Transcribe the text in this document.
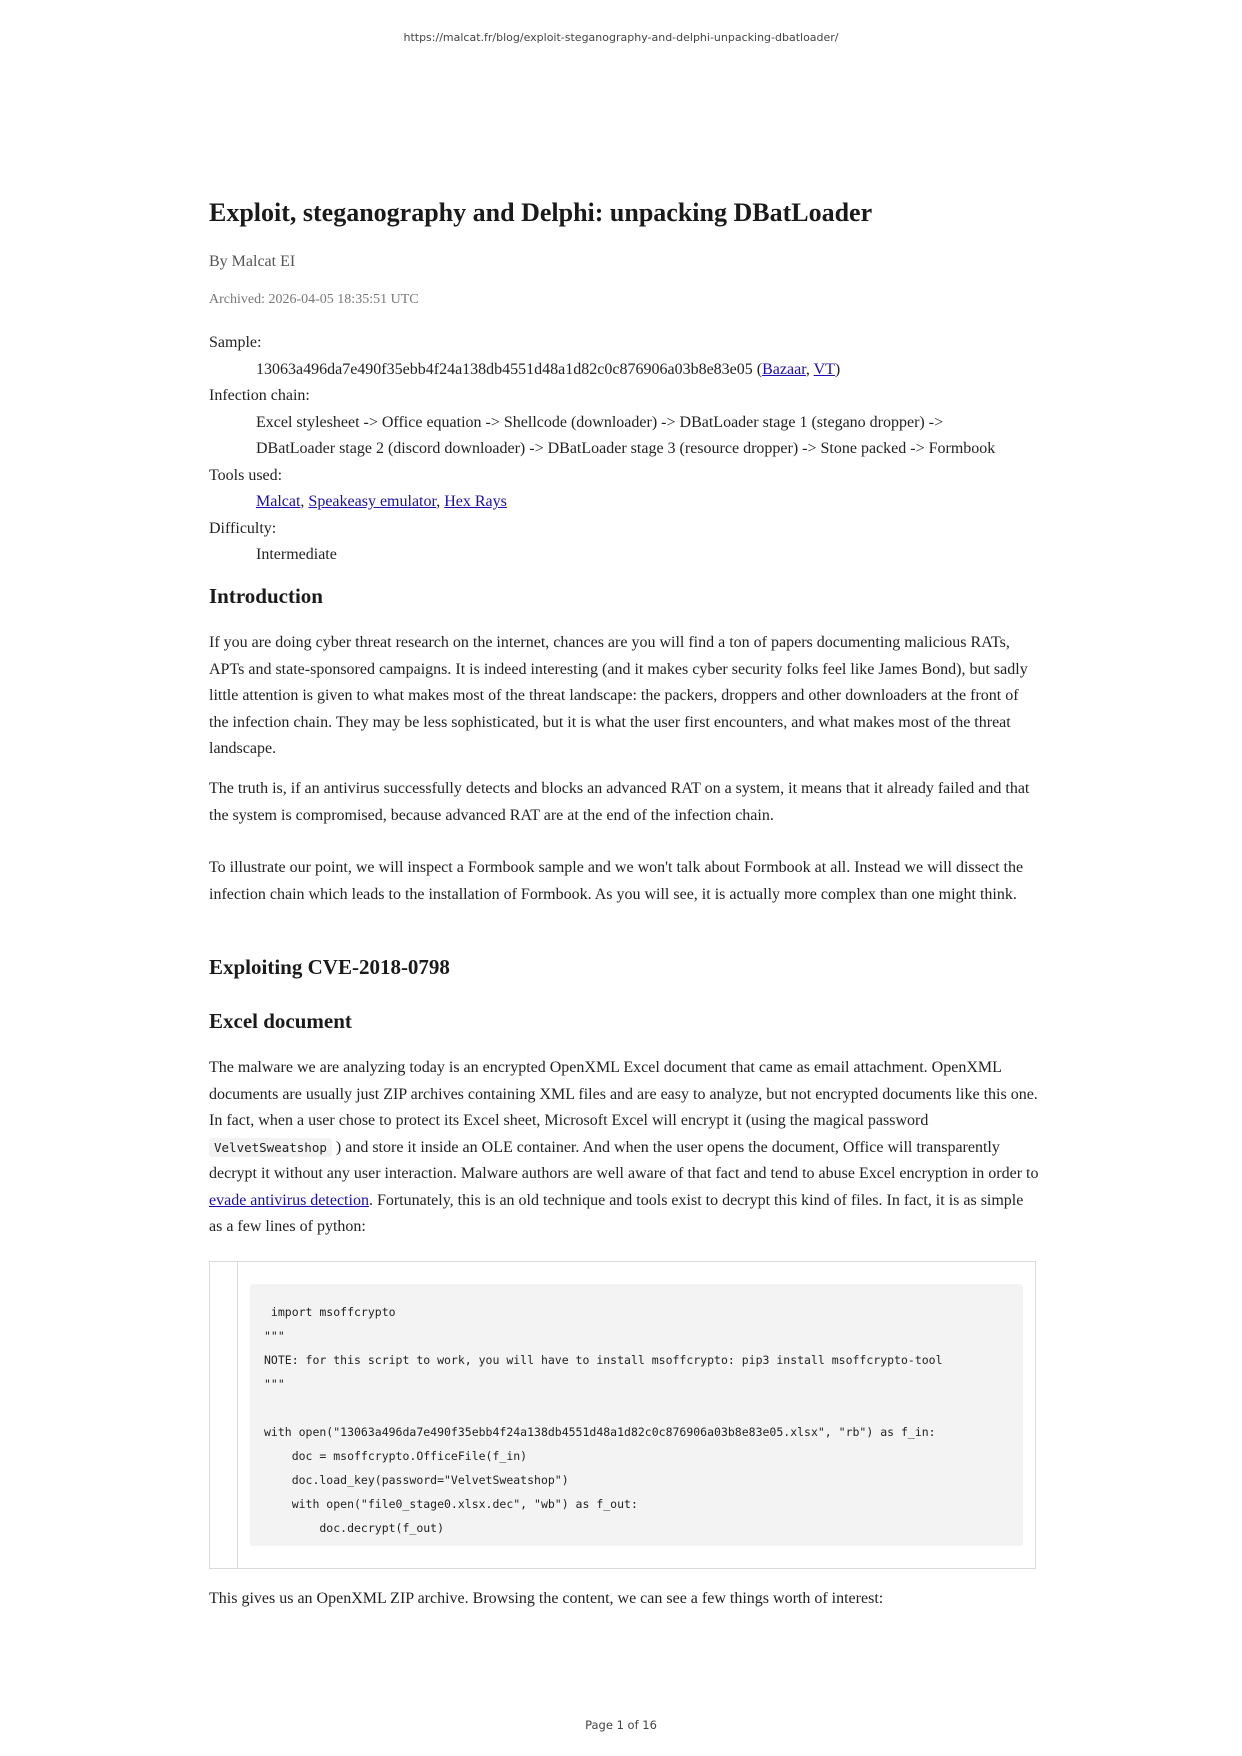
https://malcat.fr/blog/exploit-steganography-and-delphi-unpacking-dbatloader/
Exploit, steganography and Delphi: unpacking DBatLoader
By Malcat EI
Archived: 2026-04-05 18:35:51 UTC
Sample:
13063a496da7e490f35ebb4f24a138db4551d48a1d82c0c876906a03b8e83e05 (Bazaar, VT)
Infection chain:
Excel stylesheet -> Office equation -> Shellcode (downloader) -> DBatLoader stage 1 (stegano dropper) ->
DBatLoader stage 2 (discord downloader) -> DBatLoader stage 3 (resource dropper) -> Stone packed -> Formbook
Tools used:
Malcat, Speakeasy emulator, Hex Rays
Difficulty:
Intermediate
Introduction

If you are doing cyber threat research on the internet, chances are you will find a ton of papers documenting malicious RATs, APTs and state-sponsored campaigns. It is indeed interesting (and it makes cyber security folks feel like James Bond), but sadly little attention is given to what makes most of the threat landscape: the packers, droppers and other downloaders at the front of the infection chain. They may be less sophisticated, but it is what the user first encounters, and what makes most of the threat landscape.

The truth is, if an antivirus successfully detects and blocks an advanced RAT on a system, it means that it already failed and that the system is compromised, because advanced RAT are at the end of the infection chain.

To illustrate our point, we will inspect a Formbook sample and we won't talk about Formbook at all. Instead we will dissect the infection chain which leads to the installation of Formbook. As you will see, it is actually more complex than one might think.

Exploiting CVE-2018-0798
Excel document

The malware we are analyzing today is an encrypted OpenXML Excel document that came as email attachment. OpenXML documents are usually just ZIP archives containing XML files and are easy to analyze, but not encrypted documents like this one. In fact, when a user chose to protect its Excel sheet, Microsoft Excel will encrypt it (using the magical password VelvetSweatshop ) and store it inside an OLE container. And when the user opens the document, Office will transparently decrypt it without any user interaction. Malware authors are well aware of that fact and tend to abuse Excel encryption in order to evade antivirus detection. Fortunately, this is an old technique and tools exist to decrypt this kind of files. In fact, it is as simple as a few lines of python:

import msoffcrypto
"""
NOTE: for this script to work, you will have to install msoffcrypto: pip3 install msoffcrypto-tool
"""

with open("13063a496da7e490f35ebb4f24a138db4551d48a1d82c0c876906a03b8e83e05.xlsx", "rb") as f_in:
doc = msoffcrypto.OfficeFile(f_in)
doc.load_key(password="VelvetSweatshop")
with open("file0_stage0.xlsx.dec", "wb") as f_out:
doc.decrypt(f_out)

This gives us an OpenXML ZIP archive. Browsing the content, we can see a few things worth of interest:

Page 1 of 16
